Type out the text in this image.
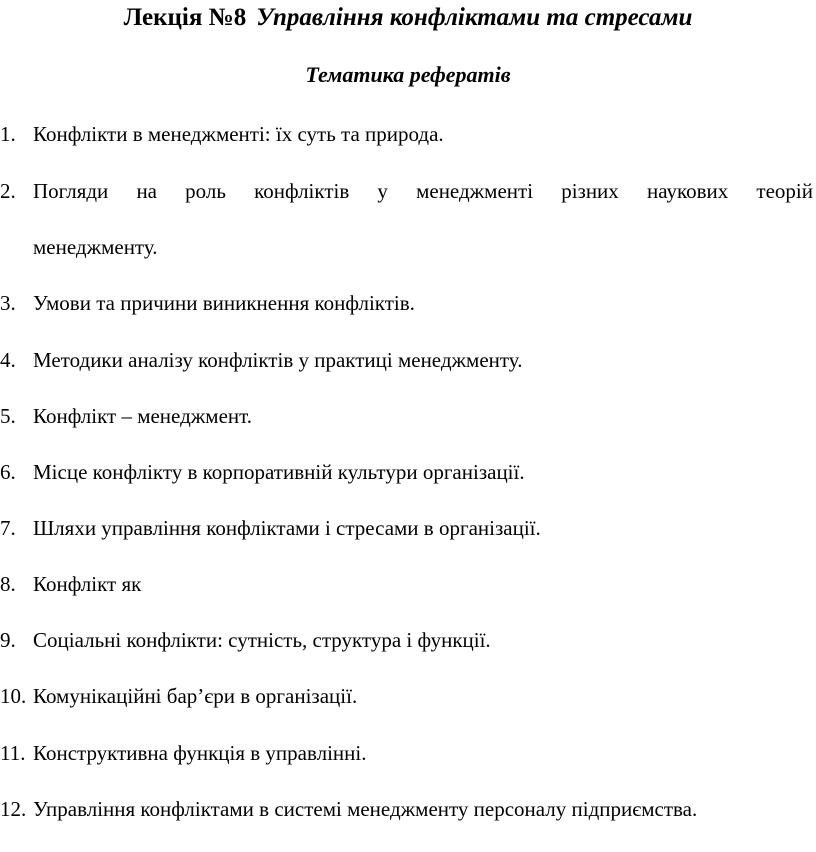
Лекція №8 Управління конфліктами та стресами
Тематика рефератів
1. Конфлікти в менеджменті: їх суть та природа.
2. Погляди на роль конфліктів у менеджменті різних наукових теорій
менеджменту.
3. Умови та причини виникнення конфліктів.
4. Методики аналізу конфліктів у практиці менеджменту.
5. Конфлікт – менеджмент.
6. Місце конфлікту в корпоративній культури організації.
7. Шляхи управління конфліктами і стресами в організації.
8. Конфлікт як
9. Соціальні конфлікти: сутність, структура і функції.
10. Комунікаційні бар’єри в організації.
11. Конструктивна функція в управлінні.
12. Управління конфліктами в системі менеджменту персоналу підприємства.
